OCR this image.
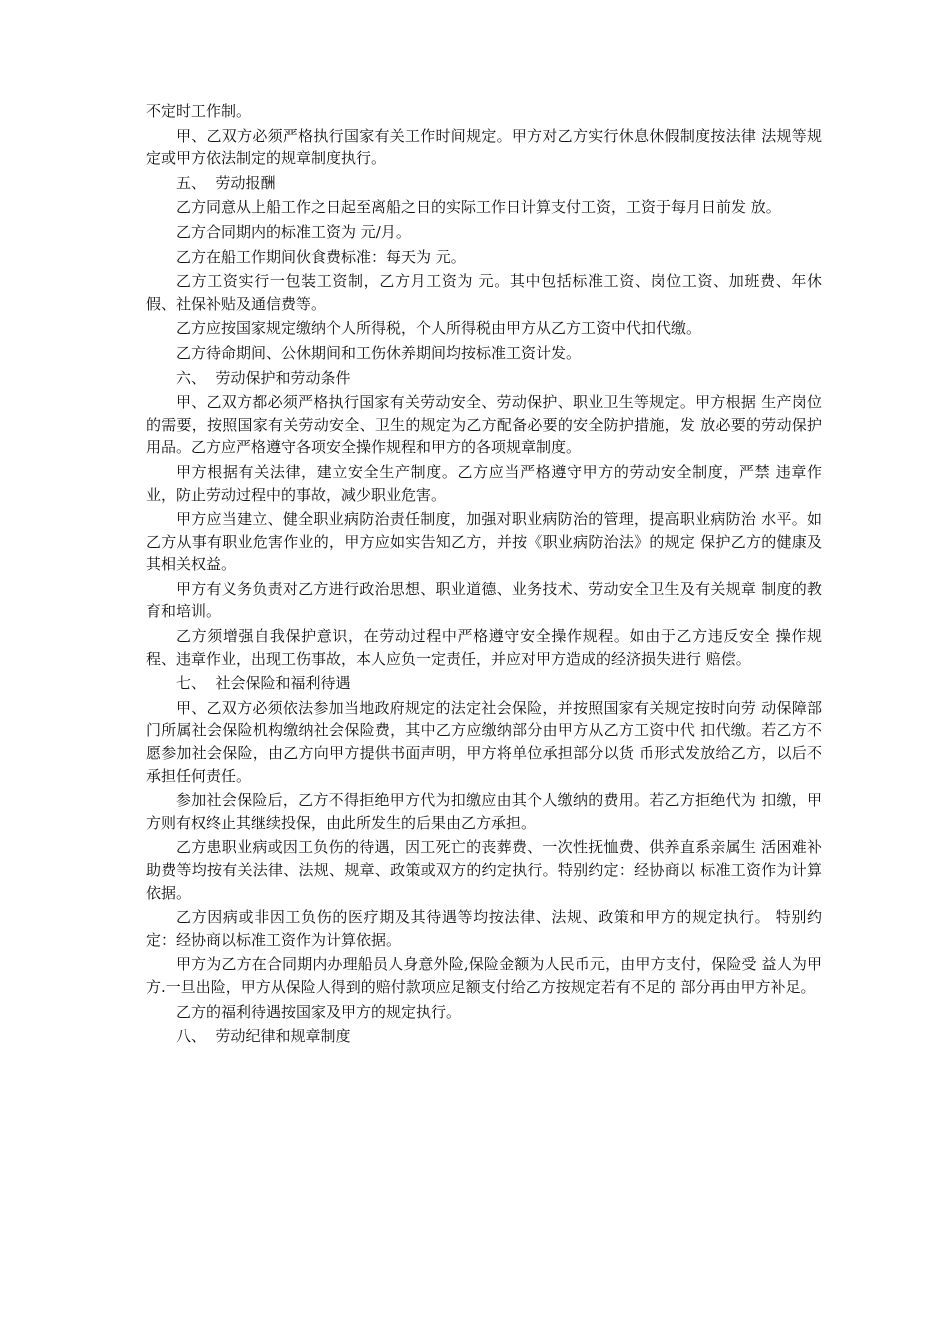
不定时工作制。

甲、乙双方必须严格执行国家有关工作时间规定。甲方对乙方实行休息休假制度按法律 法规等规定或甲方依法制定的规章制度执行。

五、  劳动报酬

乙方同意从上船工作之日起至离船之日的实际工作日计算支付工资，工资于每月日前发 放。

乙方合同期内的标准工资为 元/月。

乙方在船工作期间伙食费标准：每天为 元。

乙方工资实行一包装工资制，乙方月工资为 元。其中包括标准工资、岗位工资、加班费、年休假、社保补贴及通信费等。

乙方应按国家规定缴纳个人所得税，个人所得税由甲方从乙方工资中代扣代缴。

乙方待命期间、公休期间和工伤休养期间均按标准工资计发。

六、  劳动保护和劳动条件

甲、乙双方都必须严格执行国家有关劳动安全、劳动保护、职业卫生等规定。甲方根据 生产岗位的需要，按照国家有关劳动安全、卫生的规定为乙方配备必要的安全防护措施，发 放必要的劳动保护用品。乙方应严格遵守各项安全操作规程和甲方的各项规章制度。

甲方根据有关法律，建立安全生产制度。乙方应当严格遵守甲方的劳动安全制度，严禁 违章作业，防止劳动过程中的事故，减少职业危害。

甲方应当建立、健全职业病防治责任制度，加强对职业病防治的管理，提高职业病防治 水平。如乙方从事有职业危害作业的，甲方应如实告知乙方，并按《职业病防治法》的规定 保护乙方的健康及其相关权益。

甲方有义务负责对乙方进行政治思想、职业道德、业务技术、劳动安全卫生及有关规章 制度的教育和培训。

乙方须增强自我保护意识，在劳动过程中严格遵守安全操作规程。如由于乙方违反安全 操作规程、违章作业，出现工伤事故，本人应负一定责任，并应对甲方造成的经济损失进行 赔偿。

七、  社会保险和福利待遇

甲、乙双方必须依法参加当地政府规定的法定社会保险，并按照国家有关规定按时向劳 动保障部门所属社会保险机构缴纳社会保险费，其中乙方应缴纳部分由甲方从乙方工资中代 扣代缴。若乙方不愿参加社会保险，由乙方向甲方提供书面声明，甲方将单位承担部分以货 币形式发放给乙方，以后不承担任何责任。

参加社会保险后，乙方不得拒绝甲方代为扣缴应由其个人缴纳的费用。若乙方拒绝代为 扣缴，甲方则有权终止其继续投保，由此所发生的后果由乙方承担。

乙方患职业病或因工负伤的待遇，因工死亡的丧葬费、一次性抚恤费、供养直系亲属生 活困难补助费等均按有关法律、法规、规章、政策或双方的约定执行。特别约定：经协商以 标准工资作为计算依据。

乙方因病或非因工负伤的医疗期及其待遇等均按法律、法规、政策和甲方的规定执行。 特别约定：经协商以标准工资作为计算依据。

甲方为乙方在合同期内办理船员人身意外险,保险金额为人民币元，由甲方支付，保险受 益人为甲方.一旦出险，甲方从保险人得到的赔付款项应足额支付给乙方按规定若有不足的 部分再由甲方补足。

乙方的福利待遇按国家及甲方的规定执行。

八、  劳动纪律和规章制度
